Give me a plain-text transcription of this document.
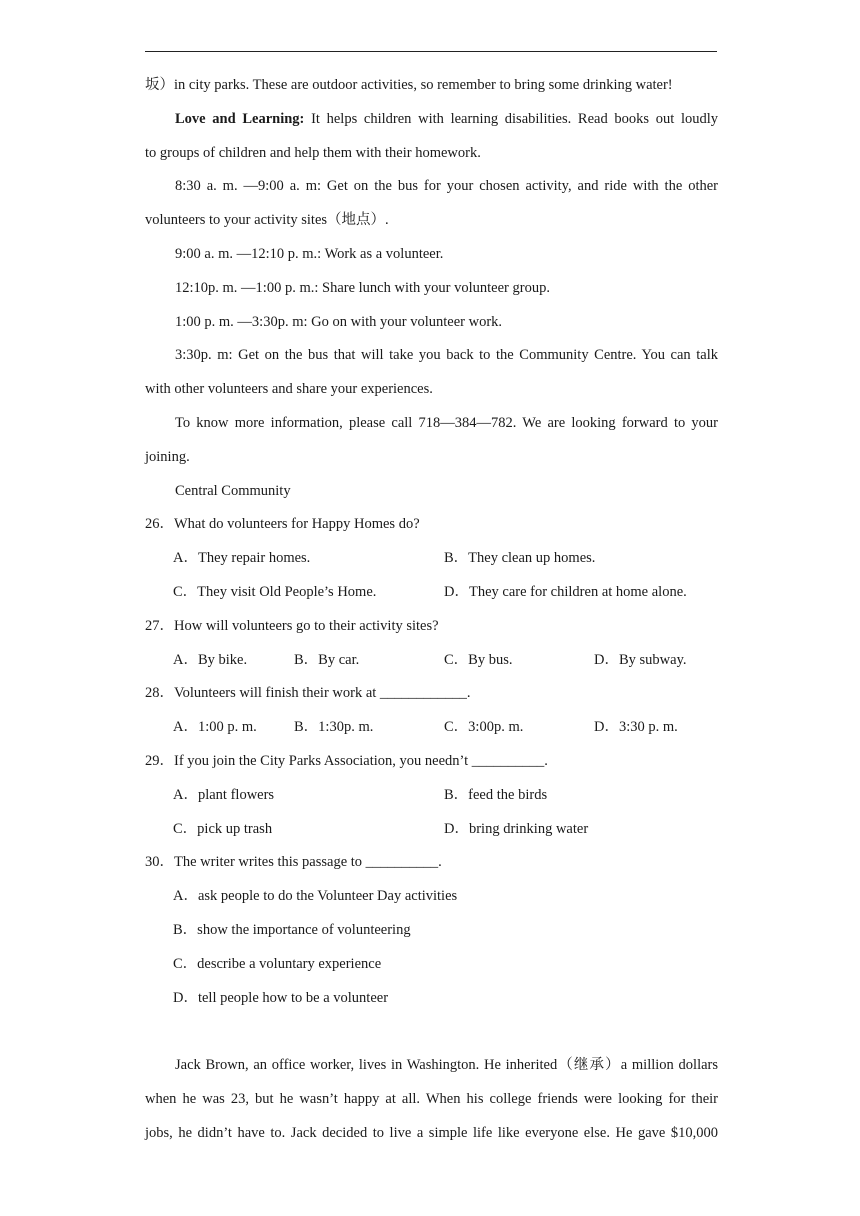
坂）in city parks. These are outdoor activities, so remember to bring some drinking water!
Love and Learning: It helps children with learning disabilities. Read books out loudly
to groups of children and help them with their homework.
8:30 a. m. —9:00 a. m: Get on the bus for your chosen activity, and ride with the other
volunteers to your activity sites（地点）.
9:00 a. m. —12:10 p. m.: Work as a volunteer.
12:10p. m. —1:00 p. m.: Share lunch with your volunteer group.
1:00 p. m. —3:30p. m: Go on with your volunteer work.
3:30p. m: Get on the bus that will take you back to the Community Centre. You can talk
with other volunteers and share your experiences.
To know more information, please call 718—384—782. We are looking forward to your
joining.
Central Community
26．What do volunteers for Happy Homes do?
A．They repair homes.	B．They clean up homes.
C．They visit Old People’s Home.	D．They care for children at home alone.
27．How will volunteers go to their activity sites?
A．By bike.	B．By car.	C．By bus.	D．By subway.
28．Volunteers will finish their work at ____________.
A．1:00 p. m.	B．1:30p. m.	C．3:00p. m.	D．3:30 p. m.
29．If you join the City Parks Association, you needn’t __________.
A．plant flowers	B．feed the birds
C．pick up trash	D．bring drinking water
30．The writer writes this passage to __________.
A．ask people to do the Volunteer Day activities
B．show the importance of volunteering
C．describe a voluntary experience
D．tell people how to be a volunteer
Jack Brown, an office worker, lives in Washington. He inherited（继承）a million dollars
when he was 23, but he wasn’t happy at all. When his college friends were looking for their
jobs, he didn’t have to. Jack decided to live a simple life like everyone else. He gave $10,000
